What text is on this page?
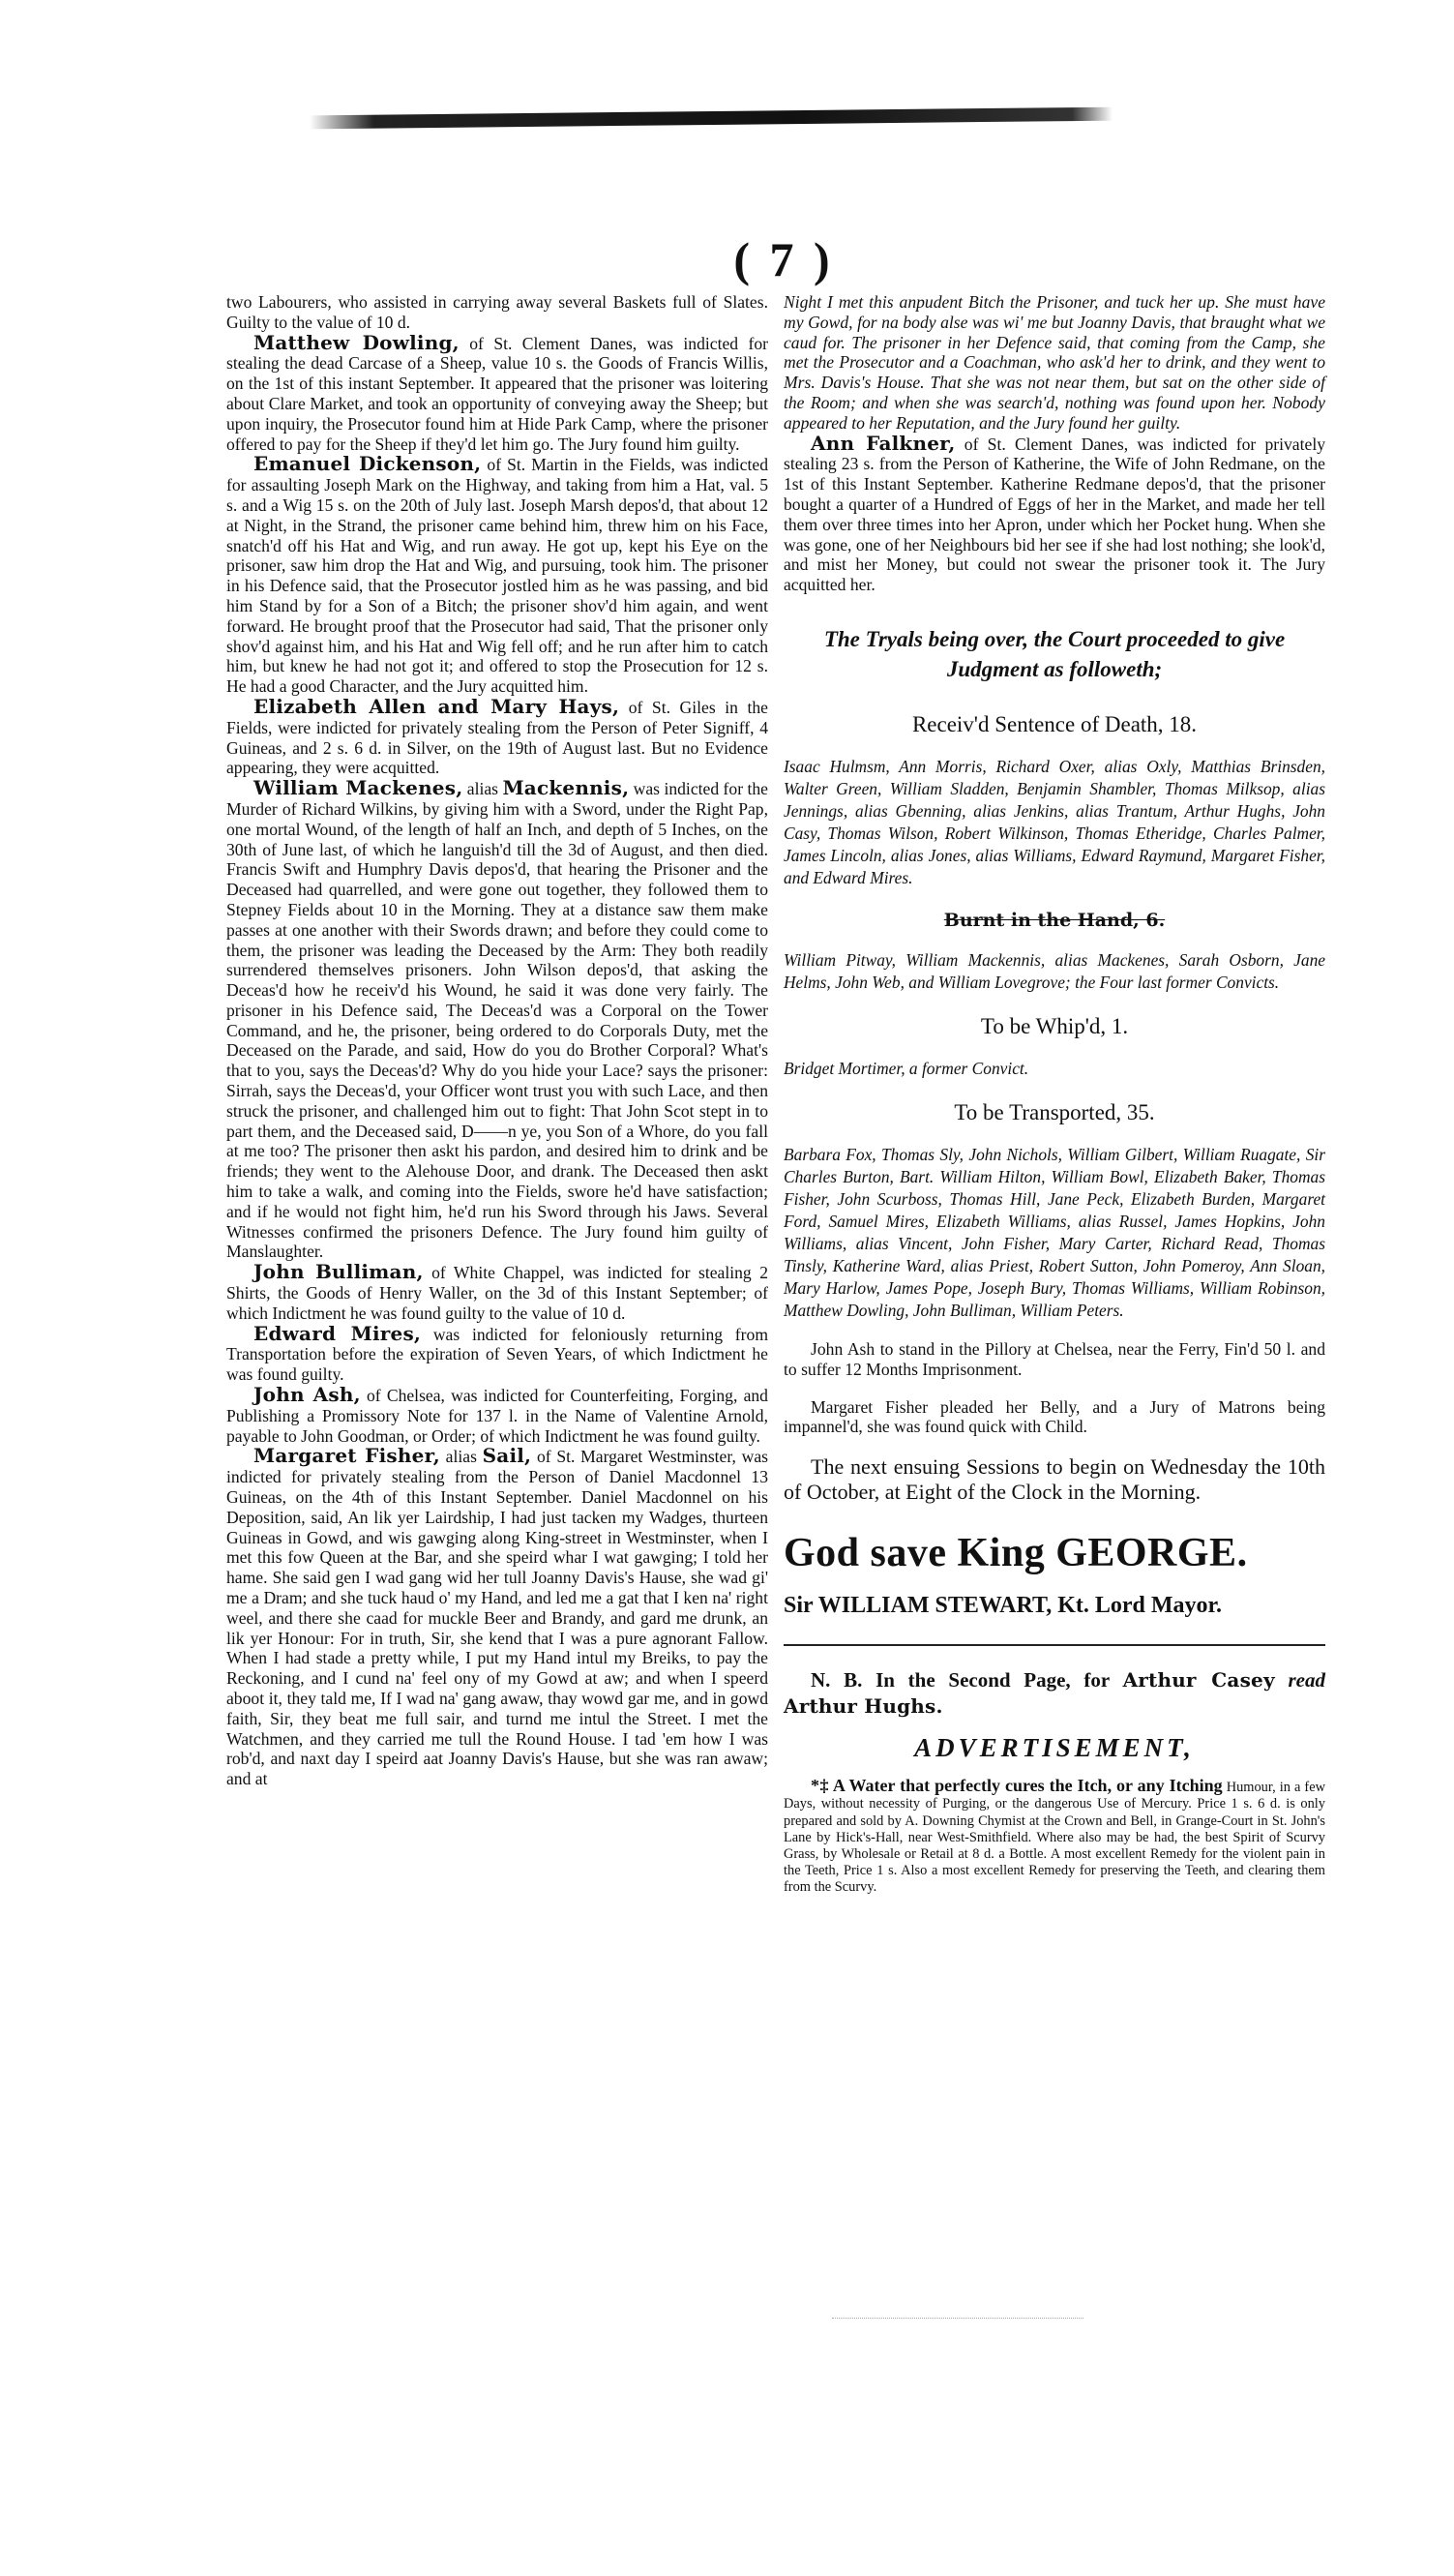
( 7 )

two Labourers, who assisted in carrying away several Baskets full of Slates. Guilty to the value of 10 d.

Matthew Dowling, of St. Clement Danes, was indicted for stealing the dead Carcase of a Sheep, value 10 s. the Goods of Francis Willis, on the 1st of this instant September. It appeared that the prisoner was loitering about Clare Market, and took an opportunity of conveying away the Sheep; but upon inquiry, the Prosecutor found him at Hide Park Camp, where the prisoner offered to pay for the Sheep if they'd let him go. The Jury found him guilty.

Emanuel Dickenson, of St. Martin in the Fields, was indicted for assaulting Joseph Mark on the Highway, and taking from him a Hat, val. 5 s. and a Wig 15 s. on the 20th of July last. Joseph Marsh depos'd, that about 12 at Night, in the Strand, the prisoner came behind him, threw him on his Face, snatch'd off his Hat and Wig, and run away. He got up, kept his Eye on the prisoner, saw him drop the Hat and Wig, and pursuing, took him. The prisoner in his Defence said, that the Prosecutor jostled him as he was passing, and bid him Stand by for a Son of a Bitch; the prisoner shov'd him again, and went forward. He brought proof that the Prosecutor had said, That the prisoner only shov'd against him, and his Hat and Wig fell off; and he run after him to catch him, but knew he had not got it; and offered to stop the Prosecution for 12 s. He had a good Character, and the Jury acquitted him.

Elizabeth Allen and Mary Hays, of St. Giles in the Fields, were indicted for privately stealing from the Person of Peter Signiff, 4 Guineas, and 2 s. 6 d. in Silver, on the 19th of August last. But no Evidence appearing, they were acquitted.

William Mackenes, alias Mackennis, was indicted for the Murder of Richard Wilkins, by giving him with a Sword, under the Right Pap, one mortal Wound, of the length of half an Inch, and depth of 5 Inches, on the 30th of June last, of which he languish'd till the 3d of August, and then died. Francis Swift and Humphry Davis depos'd, that hearing the Prisoner and the Deceased had quarrelled, and were gone out together, they followed them to Stepney Fields about 10 in the Morning. They at a distance saw them make passes at one another with their Swords drawn; and before they could come to them, the prisoner was leading the Deceased by the Arm: They both readily surrendered themselves prisoners. John Wilson depos'd, that asking the Deceas'd how he receiv'd his Wound, he said it was done very fairly. The prisoner in his Defence said, The Deceas'd was a Corporal on the Tower Command, and he, the prisoner, being ordered to do Corporals Duty, met the Deceased on the Parade, and said, How do you do Brother Corporal? What's that to you, says the Deceas'd? Why do you hide your Lace? says the prisoner: Sirrah, says the Deceas'd, your Officer wont trust you with such Lace, and then struck the prisoner, and challenged him out to fight: That John Scot stept in to part them, and the Deceased said, D——n ye, you Son of a Whore, do you fall at me too? The prisoner then askt his pardon, and desired him to drink and be friends; they went to the Alehouse Door, and drank. The Deceased then askt him to take a walk, and coming into the Fields, swore he'd have satisfaction; and if he would not fight him, he'd run his Sword through his Jaws. Several Witnesses confirmed the prisoners Defence. The Jury found him guilty of Manslaughter.

John Bulliman, of White Chappel, was indicted for stealing 2 Shirts, the Goods of Henry Waller, on the 3d of this Instant September; of which Indictment he was found guilty to the value of 10 d.

Edward Mires, was indicted for feloniously returning from Transportation before the expiration of Seven Years, of which Indictment he was found guilty.

John Ash, of Chelsea, was indicted for Counterfeiting, Forging, and Publishing a Promissory Note for 137 l. in the Name of Valentine Arnold, payable to John Goodman, or Order; of which Indictment he was found guilty.

Margaret Fisher, alias Sail, of St. Margaret Westminster, was indicted for privately stealing from the Person of Daniel Macdonnel 13 Guineas, on the 4th of this Instant September. Daniel Macdonnel on his Deposition, said, An lik yer Lairdship, I had just tacken my Wadges, thurteen Guineas in Gowd, and wis gawging along King-street in Westminster, when I met this fow Queen at the Bar, and she speird whar I wat gawging; I told her hame. She said gen I wad gang wid her tull Joanny Davis's Hause, she wad gi' me a Dram; and she tuck haud o' my Hand, and led me a gat that I ken na' right weel, and there she caad for muckle Beer and Brandy, and gard me drunk, an lik yer Honour: For in truth, Sir, she kend that I was a pure agnorant Fallow. When I had stade a pretty while, I put my Hand intul my Breiks, to pay the Reckoning, and I cund na' feel ony of my Gowd at aw; and when I speerd aboot it, they tald me, If I wad na' gang awaw, thay wowd gar me, and in gowd faith, Sir, they beat me full sair, and turnd me intul the Street. I met the Watchmen, and they carried me tull the Round House. I tad 'em how I was rob'd, and naxt day I speird aat Joanny Davis's Hause, but she was ran awaw; and at

Night I met this anpudent Bitch the Prisoner, and tuck her up. She must have my Gowd, for na body alse was wi' me but Joanny Davis, that braught what we caud for. The prisoner in her Defence said, that coming from the Camp, she met the Prosecutor and a Coachman, who ask'd her to drink, and they went to Mrs. Davis's House. That she was not near them, but sat on the other side of the Room; and when she was search'd, nothing was found upon her. Nobody appeared to her Reputation, and the Jury found her guilty.

Ann Falkner, of St. Clement Danes, was indicted for privately stealing 23 s. from the Person of Katherine, the Wife of John Redmane, on the 1st of this Instant September. Katherine Redmane depos'd, that the prisoner bought a quarter of a Hundred of Eggs of her in the Market, and made her tell them over three times into her Apron, under which her Pocket hung. When she was gone, one of her Neighbours bid her see if she had lost nothing; she look'd, and mist her Money, but could not swear the prisoner took it. The Jury acquitted her.

The Tryals being over, the Court proceeded to give Judgment as followeth;
Receiv'd Sentence of Death, 18.

Isaac Hulmsm, Ann Morris, Richard Oxer, alias Oxly, Matthias Brinsden, Walter Green, William Sladden, Benjamin Shambler, Thomas Milksop, alias Jennings, alias Gbenning, alias Jenkins, alias Trantum, Arthur Hughs, John Casy, Thomas Wilson, Robert Wilkinson, Thomas Etheridge, Charles Palmer, James Lincoln, alias Jones, alias Williams, Edward Raymund, Margaret Fisher, and Edward Mires.

Burnt in the Hand, 6.

William Pitway, William Mackennis, alias Mackenes, Sarah Osborn, Jane Helms, John Web, and William Lovegrove; the Four last former Convicts.

To be Whip'd, 1.

Bridget Mortimer, a former Convict.

To be Transported, 35.

Barbara Fox, Thomas Sly, John Nichols, William Gilbert, William Ruagate, Sir Charles Burton, Bart. William Hilton, William Bowl, Elizabeth Baker, Thomas Fisher, John Scurboss, Thomas Hill, Jane Peck, Elizabeth Burden, Margaret Ford, Samuel Mires, Elizabeth Williams, alias Russel, James Hopkins, John Williams, alias Vincent, John Fisher, Mary Carter, Richard Read, Thomas Tinsly, Katherine Ward, alias Priest, Robert Sutton, John Pomeroy, Ann Sloan, Mary Harlow, James Pope, Joseph Bury, Thomas Williams, William Robinson, Matthew Dowling, John Bulliman, William Peters.

John Ash to stand in the Pillory at Chelsea, near the Ferry, Fin'd 50 l. and to suffer 12 Months Imprisonment.

Margaret Fisher pleaded her Belly, and a Jury of Matrons being impannel'd, she was found quick with Child.

The next ensuing Sessions to begin on Wednesday the 10th of October, at Eight of the Clock in the Morning.

God save King GEORGE.
Sir WILLIAM STEWART, Kt. Lord Mayor.

N. B. In the Second Page, for Arthur Casey read Arthur Hughs.

ADVERTISEMENT,

*‡ A Water that perfectly cures the Itch, or any Itching Humour, in a few Days, without necessity of Purging, or the dangerous Use of Mercury. Price 1 s. 6 d. is only prepared and sold by A. Downing Chymist at the Crown and Bell, in Grange-Court in St. John's Lane by Hick's-Hall, near West-Smithfield. Where also may be had, the best Spirit of Scurvy Grass, by Wholesale or Retail at 8 d. a Bottle. A most excellent Remedy for the violent pain in the Teeth, Price 1 s. Also a most excellent Remedy for preserving the Teeth, and clearing them from the Scurvy.
